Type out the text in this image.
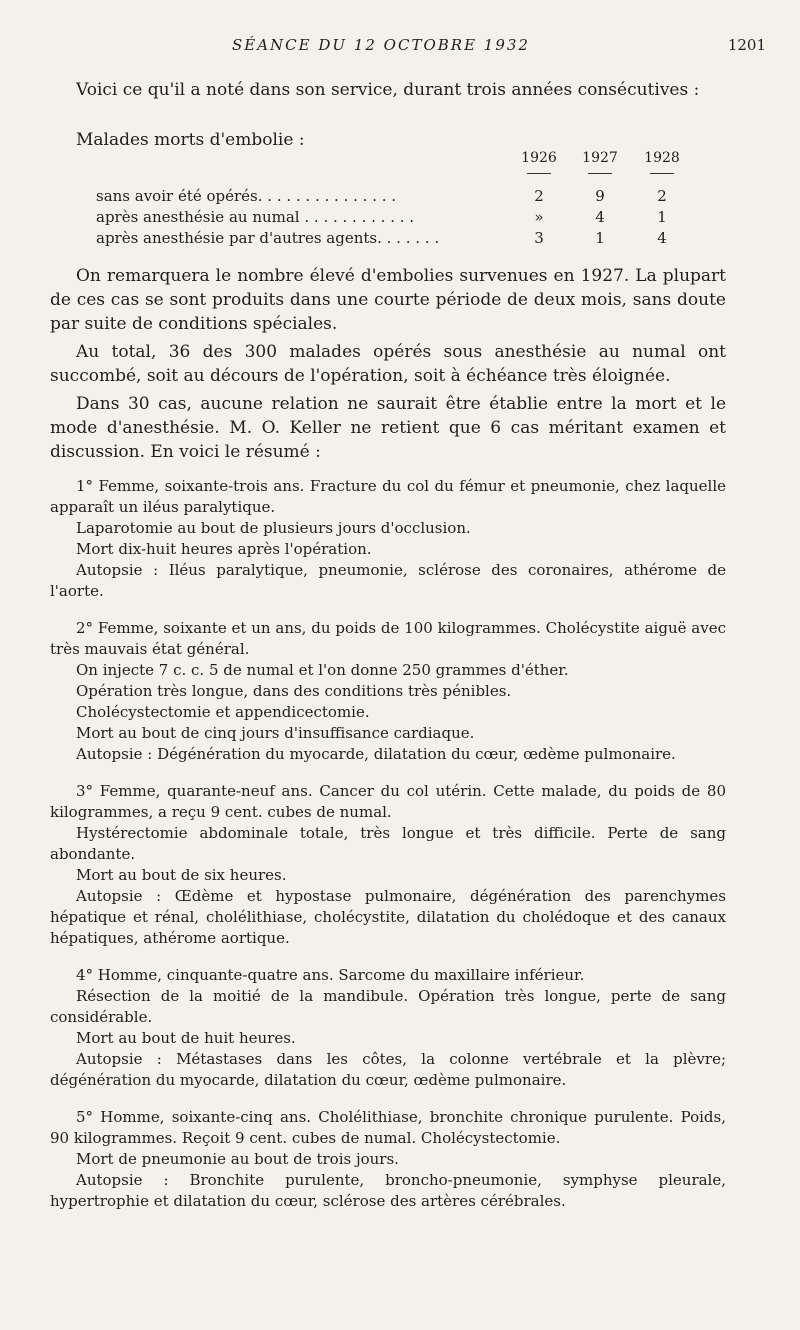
SÉANCE DU 12 OCTOBRE 1932	1201
Voici ce qu'il a noté dans son service, durant trois années consécutives :
Malades morts d'embolie :
1926	1927	1928
sans avoir été opérés. . . . . . . . . . . . . . .	2	9	2
après anesthésie au numal . . . . . . . . . . . .	»	4	1
après anesthésie par d'autres agents. . . . . . .	3	1	4

On remarquera le nombre élevé d'embolies survenues en 1927. La plupart de ces cas se sont produits dans une courte période de deux mois, sans doute par suite de conditions spéciales.

Au total, 36 des 300 malades opérés sous anesthésie au numal ont succombé, soit au décours de l'opération, soit à échéance très éloignée.

Dans 30 cas, aucune relation ne saurait être établie entre la mort et le mode d'anesthésie. M. O. Keller ne retient que 6 cas méritant examen et discussion. En voici le résumé :

1° Femme, soixante-trois ans. Fracture du col du fémur et pneumonie, chez laquelle apparaît un iléus paralytique.

Laparotomie au bout de plusieurs jours d'occlusion.

Mort dix-huit heures après l'opération.

Autopsie : Iléus paralytique, pneumonie, sclérose des coronaires, athérome de l'aorte.

2° Femme, soixante et un ans, du poids de 100 kilogrammes. Cholécystite aiguë avec très mauvais état général.

On injecte 7 c. c. 5 de numal et l'on donne 250 grammes d'éther.

Opération très longue, dans des conditions très pénibles.

Cholécystectomie et appendicectomie.

Mort au bout de cinq jours d'insuffisance cardiaque.

Autopsie : Dégénération du myocarde, dilatation du cœur, œdème pulmonaire.

3° Femme, quarante-neuf ans. Cancer du col utérin. Cette malade, du poids de 80 kilogrammes, a reçu 9 cent. cubes de numal.

Hystérectomie abdominale totale, très longue et très difficile. Perte de sang abondante.

Mort au bout de six heures.

Autopsie : Œdème et hypostase pulmonaire, dégénération des parenchymes hépatique et rénal, cholélithiase, cholécystite, dilatation du cholédoque et des canaux hépatiques, athérome aortique.

4° Homme, cinquante-quatre ans. Sarcome du maxillaire inférieur.

Résection de la moitié de la mandibule. Opération très longue, perte de sang considérable.

Mort au bout de huit heures.

Autopsie : Métastases dans les côtes, la colonne vertébrale et la plèvre; dégénération du myocarde, dilatation du cœur, œdème pulmonaire.

5° Homme, soixante-cinq ans. Cholélithiase, bronchite chronique purulente. Poids, 90 kilogrammes. Reçoit 9 cent. cubes de numal. Cholécystectomie.

Mort de pneumonie au bout de trois jours.

Autopsie : Bronchite purulente, broncho-pneumonie, symphyse pleurale, hypertrophie et dilatation du cœur, sclérose des artères cérébrales.
